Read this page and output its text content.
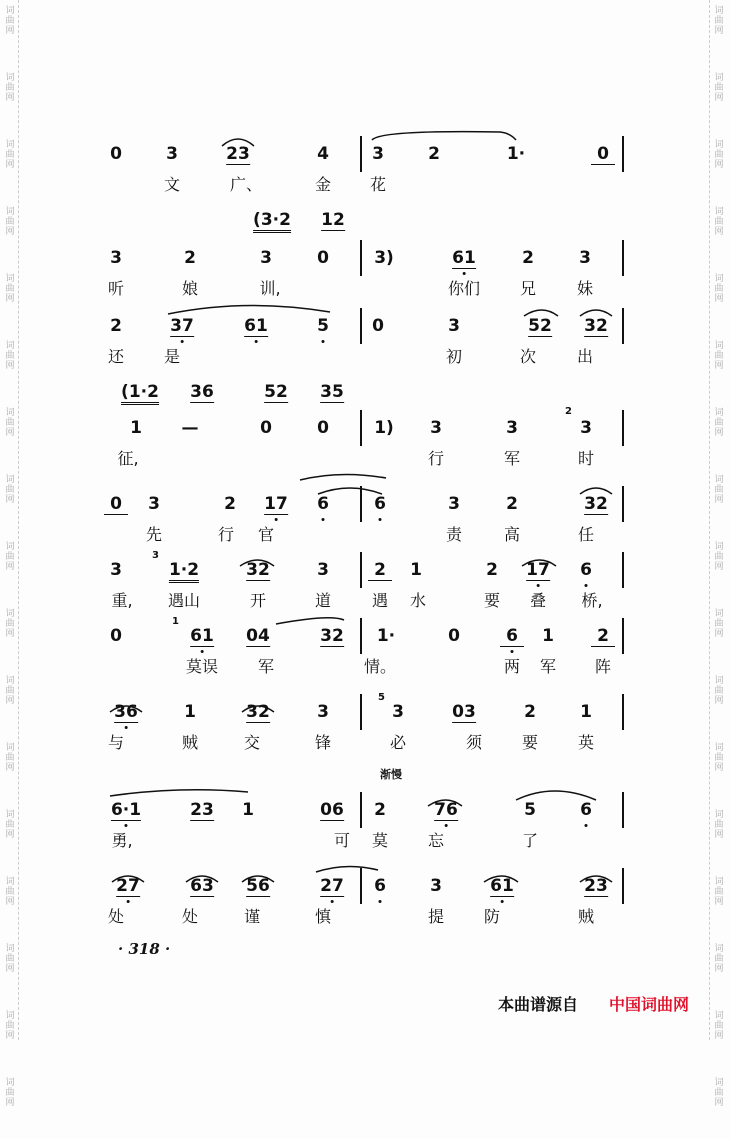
词
曲
网
词
曲
网
词
曲
网
词
曲
网
词
曲
网
词
曲
网
词
曲
网
词
曲
网
词
曲
网
词
曲
网
词
曲
网
词
曲
网
词
曲
网
词
曲
网
词
曲
网
词
曲
网
词
曲
网
词
曲
网
词
曲
网
词
曲
网
词
曲
网
词
曲
网
词
曲
网
词
曲
网
词
曲
网
词
曲
网
词
曲
网
词
曲
网
词
曲
网
词
曲
网
词
曲
网
词
曲
网
词
曲
网
词
曲
网
0	3	23	4	3	2	1·	0
文	广、	金 花
(3·2 12
3	2	3	0	3)	61	2	3
听	娘	训,	你们 兄	妹
2	37	61	5	0	3	52 32
还 是	初	次	出
(1·2 36	52 35
1	—	0	0	1)	3	3	3
2
征,	行	军	时
0	3	2	17	6	6	3	2	32
先	行 官	责	高	任
3
3
1·2	32	3	2	1	2	17	6
重, 遇山	开	道	遇 水	要 叠 桥,
0
1
61 04	32 1·	0	6	1	2
莫误 军	情。	两 军 阵
36	1	32	3
5
3	03	2	1
与	贼	交	锋	必	须 要 英
渐慢
6·1	23	1	06	2	76	5	6
勇,	可 莫 忘	了
27	63 56	27	6	3	61	23
处	处	谨	慎	提 防	贼
· 318 ·
本曲谱源自 中国词曲网
